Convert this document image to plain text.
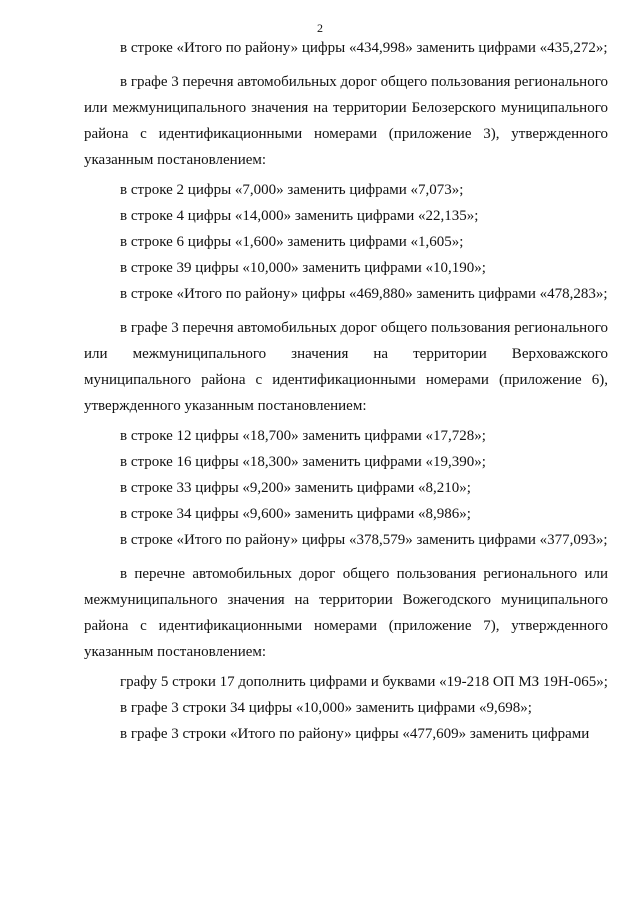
2

в строке «Итого по району» цифры «434,998» заменить цифрами «435,272»;

в графе 3 перечня автомобильных дорог общего пользования регионального или межмуниципального значения на территории Белозерского муниципального района с идентификационными номерами (приложение 3), утвержденного указанным постановлением:

в строке 2 цифры «7,000» заменить цифрами «7,073»;

в строке 4 цифры «14,000» заменить цифрами «22,135»;

в строке 6 цифры «1,600» заменить цифрами «1,605»;

в строке 39 цифры «10,000» заменить цифрами «10,190»;

в строке «Итого по району» цифры «469,880» заменить цифрами «478,283»;

в графе 3 перечня автомобильных дорог общего пользования регионального или межмуниципального значения на территории Верховажского муниципального района с идентификационными номерами (приложение 6), утвержденного указанным постановлением:

в строке 12 цифры «18,700» заменить цифрами «17,728»;

в строке 16 цифры «18,300» заменить цифрами «19,390»;

в строке 33 цифры «9,200» заменить цифрами «8,210»;

в строке 34 цифры «9,600» заменить цифрами «8,986»;

в строке «Итого по району» цифры «378,579» заменить цифрами «377,093»;

в перечне автомобильных дорог общего пользования регионального или межмуниципального значения на территории Вожегодского муниципального района с идентификационными номерами (приложение 7), утвержденного указанным постановлением:

графу 5 строки 17 дополнить цифрами и буквами «19-218 ОП МЗ 19Н-065»;

в графе 3 строки 34 цифры «10,000» заменить цифрами «9,698»;

в графе 3 строки «Итого по району» цифры «477,609» заменить цифрами
